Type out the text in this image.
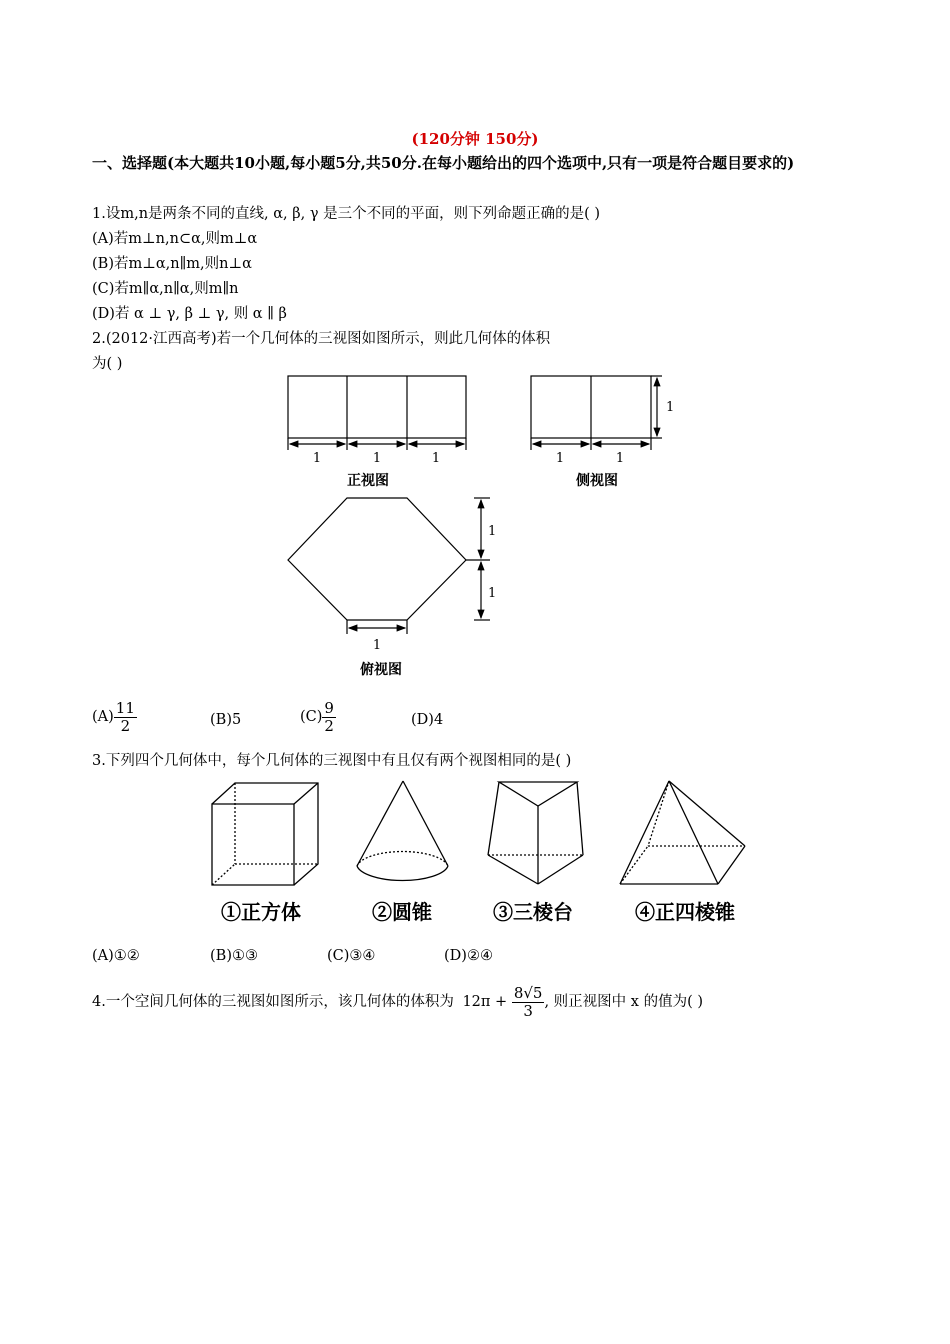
(120分钟 150分)
一、选择题(本大题共10小题,每小题5分,共50分.在每小题给出的四个选项中,只有一项是符合题目要求的)
1.设m,n是两条不同的直线, α, β, γ 是三个不同的平面，则下列命题正确的是( )
(A)若m⊥n,n⊂α,则m⊥α
(B)若m⊥α,n∥m,则n⊥α
(C)若m∥α,n∥α,则m∥n
(D)若 α ⊥ γ, β ⊥ γ, 则 α ∥ β
2.(2012·江西高考)若一个几何体的三视图如图所示，则此几何体的体积
为( )
1	1	1
正视图
1	1
1
侧视图
1
1
1
俯视图
$(A) \frac{11}{2}$	(B)5	$(C) \frac{9}{2}$	(D)4
3.下列四个几何体中，每个几何体的三视图中有且仅有两个视图相同的是( )
①正方体	②圆锥	③三棱台	④正四棱锥
(A)①②	(B)①③	(C)③④	(D)②④
4.一个空间几何体的三视图如图所示，该几何体的体积为 $12\pi + \frac{8√5}{3}$ , 则正视图中 x 的值为( )
